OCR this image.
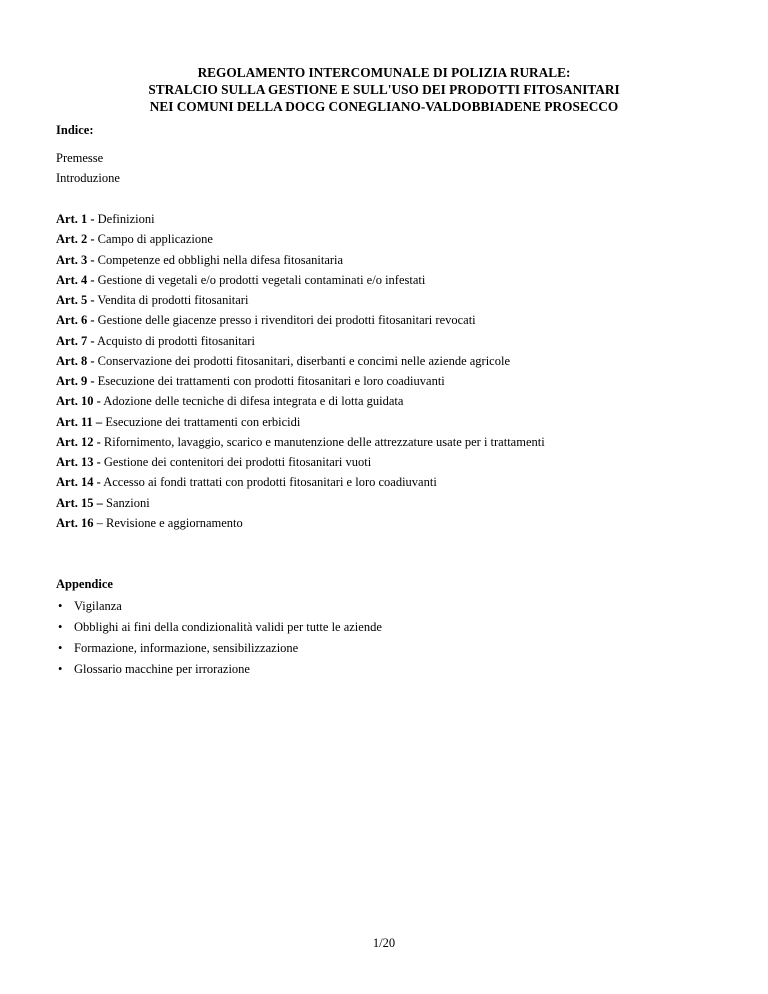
REGOLAMENTO INTERCOMUNALE DI POLIZIA RURALE:
STRALCIO SULLA GESTIONE E SULL'USO DEI PRODOTTI FITOSANITARI
NEI COMUNI DELLA DOCG CONEGLIANO-VALDOBBIADENE PROSECCO
Indice:
Premesse
Introduzione
Art. 1 - Definizioni
Art. 2 - Campo di applicazione
Art. 3 - Competenze ed obblighi nella difesa fitosanitaria
Art. 4 - Gestione di vegetali e/o prodotti vegetali contaminati e/o infestati
Art. 5 - Vendita di prodotti fitosanitari
Art. 6 - Gestione delle giacenze presso i rivenditori dei prodotti fitosanitari revocati
Art. 7 - Acquisto di prodotti fitosanitari
Art. 8 - Conservazione dei prodotti fitosanitari, diserbanti e concimi nelle aziende agricole
Art. 9 - Esecuzione dei trattamenti con prodotti fitosanitari e loro coadiuvanti
Art. 10 - Adozione delle tecniche di difesa integrata e di lotta guidata
Art. 11 – Esecuzione dei trattamenti con erbicidi
Art. 12 - Rifornimento, lavaggio, scarico e manutenzione delle attrezzature usate per i trattamenti
Art. 13 - Gestione dei contenitori dei prodotti fitosanitari vuoti
Art. 14 - Accesso ai fondi trattati con prodotti fitosanitari e loro coadiuvanti
Art. 15 – Sanzioni
Art. 16 – Revisione e aggiornamento
Appendice
• Vigilanza
• Obblighi ai fini della condizionalità validi per tutte le aziende
• Formazione, informazione, sensibilizzazione
• Glossario macchine per irrorazione
1/20
